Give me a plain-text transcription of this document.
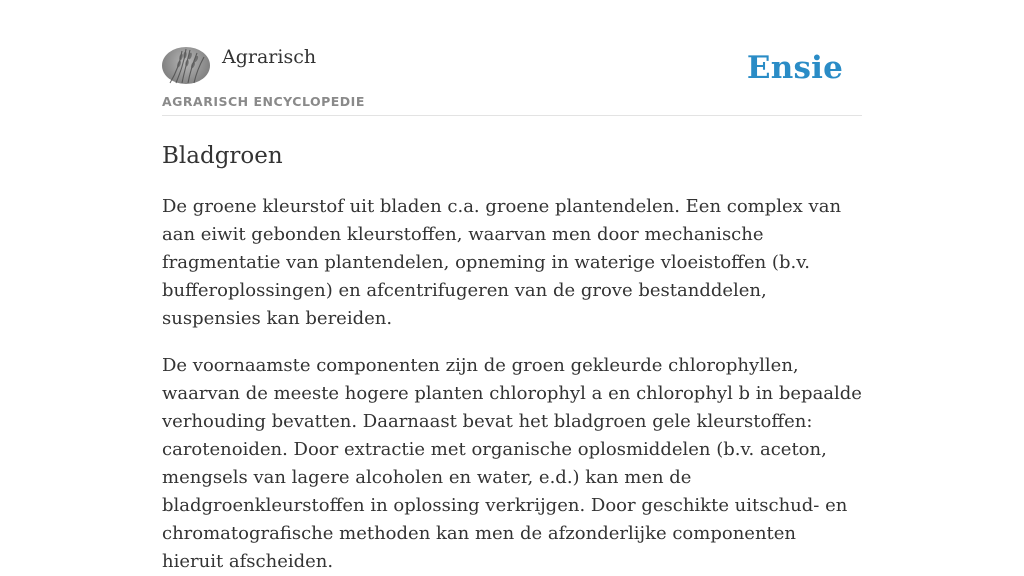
Agrarisch
AGRARISCH ENCYCLOPEDIE
Ensie
Bladgroen

De groene kleurstof uit bladen c.a. groene plantendelen. Een complex van aan eiwit gebonden kleurstoffen, waarvan men door mechanische fragmentatie van plantendelen, opneming in waterige vloeistoffen (b.v. bufferoplossingen) en afcentrifugeren van de grove bestanddelen, suspensies kan bereiden.

De voornaamste componenten zijn de groen gekleurde chlorophyllen, waarvan de meeste hogere planten chlorophyl a en chlorophyl b in bepaalde verhouding bevatten. Daarnaast bevat het bladgroen gele kleurstoffen: carotenoiden. Door extractie met organische oplosmiddelen (b.v. aceton, mengsels van lagere alcoholen en water, e.d.) kan men de bladgroenkleurstoffen in oplossing verkrijgen. Door geschikte uitschud- en chromatografische methoden kan men de afzonderlijke componenten hieruit afscheiden.
